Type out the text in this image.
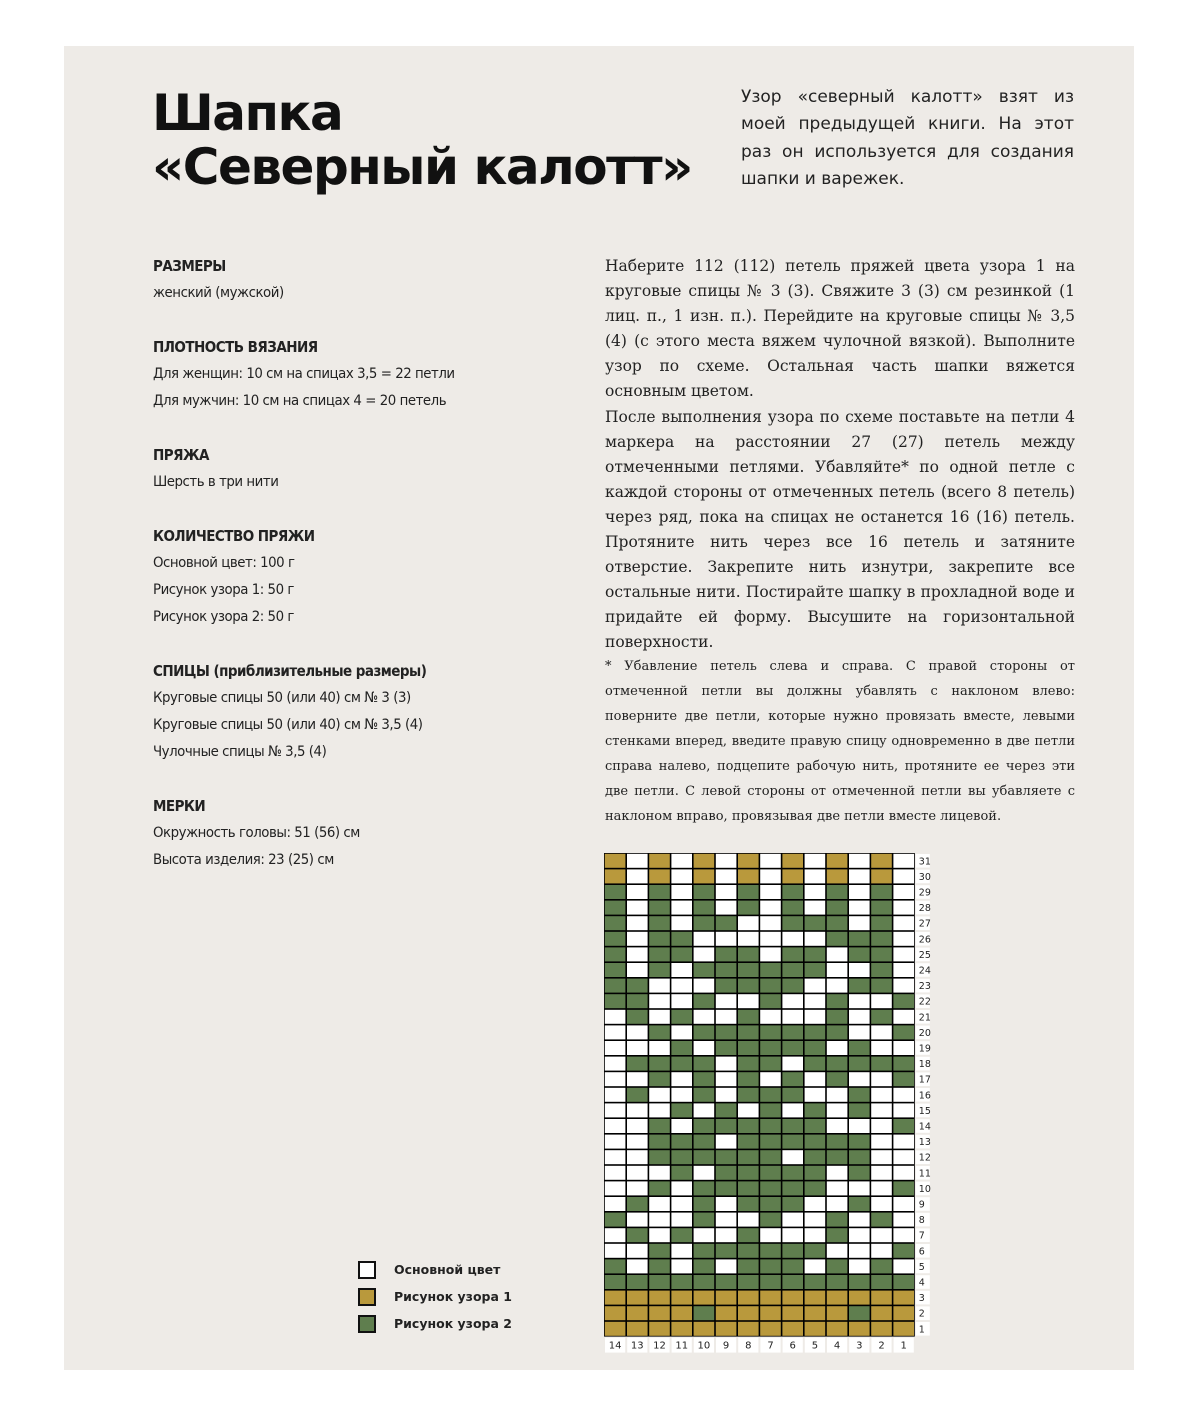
Шапка
«Северный калотт»

Узор «северный калотт» взят из моей предыдущей книги. На этот раз он используется для создания шапки и варежек.

РАЗМЕРЫ
женский (мужской)
ПЛОТНОСТЬ ВЯЗАНИЯ
Для женщин: 10 см на спицах 3,5 = 22 петли
Для мужчин: 10 см на спицах 4 = 20 петель
ПРЯЖА
Шерсть в три нити
КОЛИЧЕСТВО ПРЯЖИ
Основной цвет: 100 г
Рисунок узора 1: 50 г
Рисунок узора 2: 50 г
СПИЦЫ (приблизительные размеры)
Круговые спицы 50 (или 40) см № 3 (3)
Круговые спицы 50 (или 40) см № 3,5 (4)
Чулочные спицы № 3,5 (4)
МЕРКИ
Окружность головы: 51 (56) см
Высота изделия: 23 (25) см

Наберите 112 (112) петель пряжей цвета узора 1 на круговые спицы № 3 (3). Свяжите 3 (3) см резинкой (1 лиц. п., 1 изн. п.). Перейдите на круговые спицы № 3,5 (4) (с этого места вяжем чулочной вязкой). Выполните узор по схеме. Остальная часть шапки вяжется основным цветом.

После выполнения узора по схеме поставьте на петли 4 маркера на расстоянии 27 (27) петель между отмеченными петлями. Убавляйте* по одной петле с каждой стороны от отмеченных петель (всего 8 петель) через ряд, пока на спицах не останется 16 (16) петель. Протяните нить через все 16 петель и затяните отверстие. Закрепите нить изнутри, закрепите все остальные нити. Постирайте шапку в прохладной воде и придайте ей форму. Высушите на горизонтальной поверхности.

* Убавление петель слева и справа. С правой стороны от отмеченной петли вы должны убавлять с наклоном влево: поверните две петли, которые нужно провязать вместе, левыми стенками вперед, введите правую спицу одновременно в две петли справа налево, подцепите рабочую нить, протяните ее через эти две петли. С левой стороны от отмеченной петли вы убавляете с наклоном вправо, провязывая две петли вместе лицевой.

31
30
29
28
27
26
25
24
23
22
21
20
19
18
17
16
15
14
13
12
11
10
9
8
7
6
5
4
3
2
1
14 13 12 11 10 9 8 7 6 5 4 3 2 1
Основной цвет
Рисунок узора 1
Рисунок узора 2
